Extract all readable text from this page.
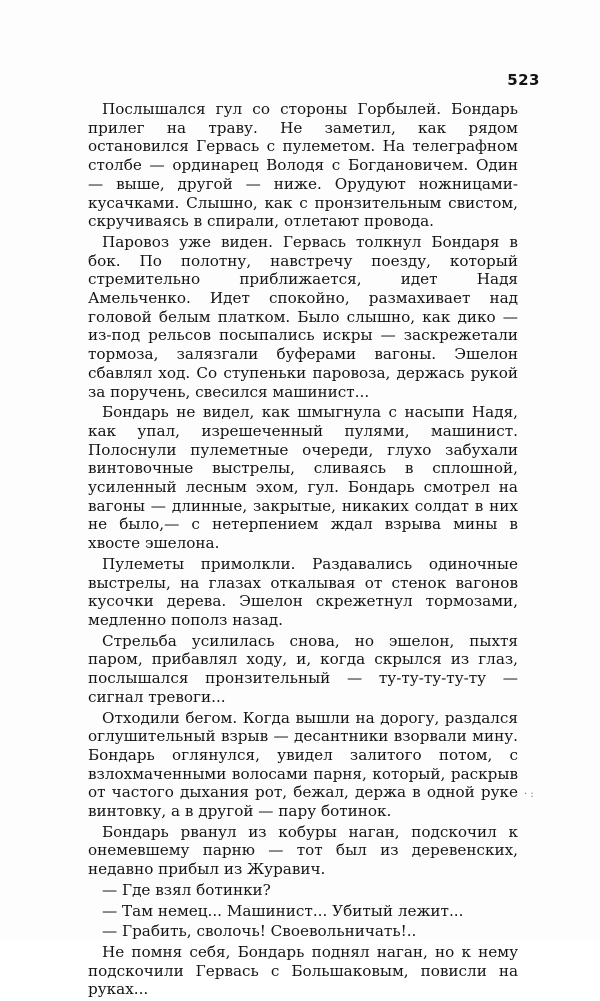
523

Послышался гул со стороны Горбылей. Бондарь прилег на траву. Не заметил, как рядом остановился Гервась с пулеметом. На телеграфном столбе — ординарец Володя с Богдановичем. Один — выше, другой — ниже. Орудуют ножницами-кусачками. Слышно, как с пронзительным свистом, скручиваясь в спирали, отлетают провода.

Паровоз уже виден. Гервась толкнул Бондаря в бок. По полотну, навстречу поезду, который стремительно приближается, идет Надя Амельченко. Идет спокойно, размахивает над головой белым платком. Было слышно, как дико — из-под рельсов посыпались искры — заскрежетали тормоза, залязгали буферами вагоны. Эшелон сбавлял ход. Со ступеньки паровоза, держась рукой за поручень, свесился машинист...

Бондарь не видел, как шмыгнула с насыпи Надя, как упал, изрешеченный пулями, машинист. Полоснули пулеметные очереди, глухо забухали винтовочные выстрелы, сливаясь в сплошной, усиленный лесным эхом, гул. Бондарь смотрел на вагоны — длинные, закрытые, никаких солдат в них не было,— с нетерпением ждал взрыва мины в хвосте эшелона.

Пулеметы примолкли. Раздавались одиночные выстрелы, на глазах откалывая от стенок вагонов кусочки дерева. Эшелон скрежетнул тормозами, медленно пополз назад.

Стрельба усилилась снова, но эшелон, пыхтя паром, прибавлял ходу, и, когда скрылся из глаз, послышался пронзительный — ту-ту-ту-ту-ту — сигнал тревоги...

Отходили бегом. Когда вышли на дорогу, раздался оглушительный взрыв — десантники взорвали мину. Бондарь оглянулся, увидел залитого потом, с взлохмаченными волосами парня, который, раскрыв от частого дыхания рот, бежал, держа в одной руке винтовку, а в другой — пару ботинок.

Бондарь рванул из кобуры наган, подскочил к онемевшему парню — тот был из деревенских, недавно прибыл из Журавич.

— Где взял ботинки?

— Там немец... Машинист... Убитый лежит...

— Грабить, сволочь! Своевольничать!..

Не помня себя, Бондарь поднял наган, но к нему подскочили Гервась с Большаковым, повисли на руках...

· :
